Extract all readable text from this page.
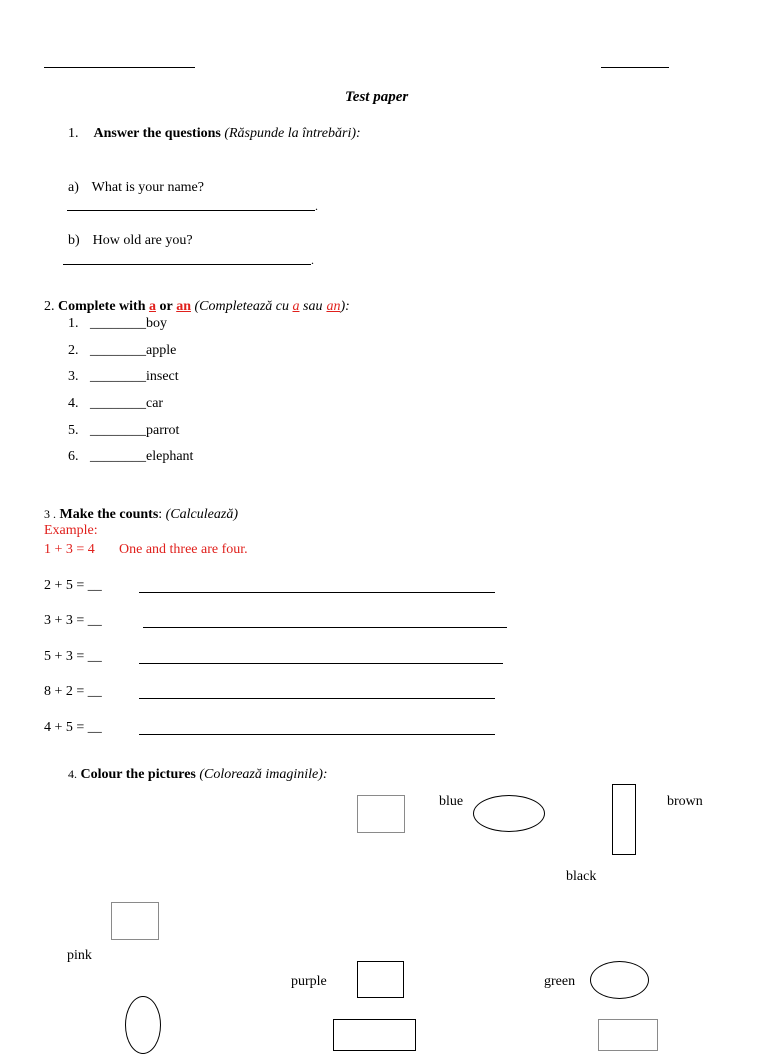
Test paper
1. Answer the questions (Răspunde la întrebări):
a) What is your name?
.
b) How old are you?
.
2. Complete with a or an (Completează cu a sau an):
1. ________boy
2. ________apple
3. ________insect
4. ________car
5. ________parrot
6. ________elephant
3 . Make the counts: (Calculează)
Example:
1 + 3 = 4 One and three are four.
2 + 5 = __
3 + 3 = __
5 + 3 = __
8 + 2 = __
4 + 5 = __
4. Colour the pictures (Colorează imaginile):
blue	brown
black
pink
purple	green
